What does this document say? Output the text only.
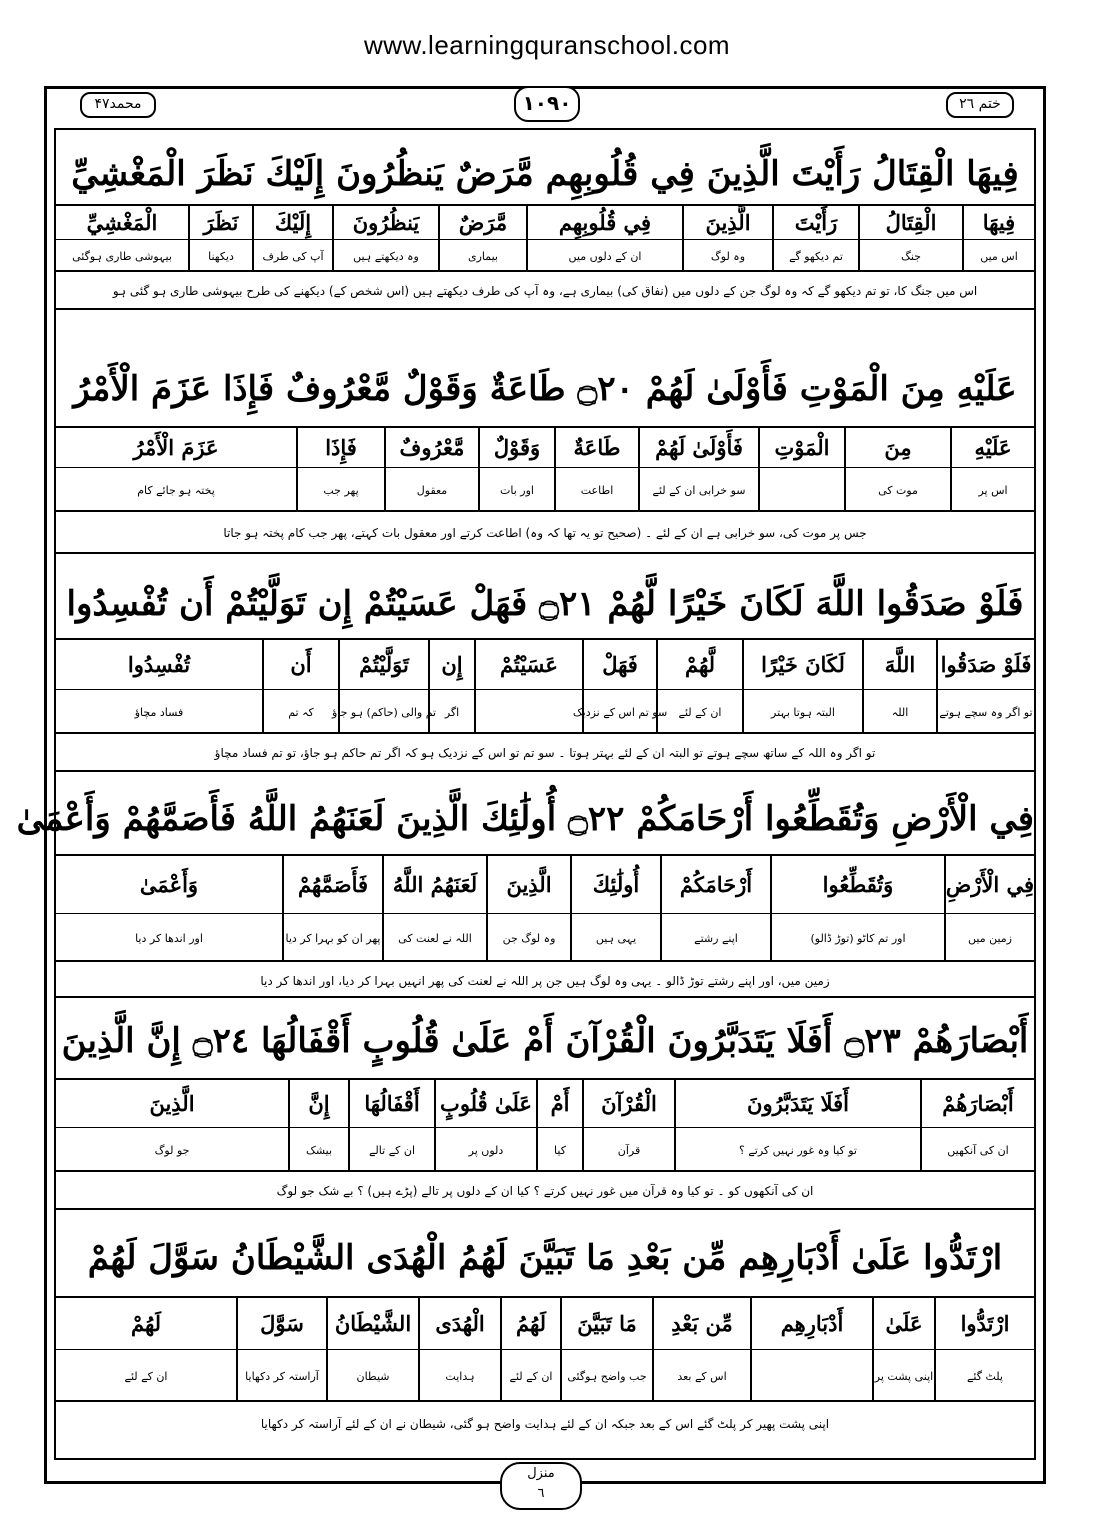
www.learningquranschool.com
محمد۴۷	ختم ۲٦
۱۰۹۰
فِيهَا الْقِتَالُ رَأَيْتَ الَّذِينَ فِي قُلُوبِهِم مَّرَضٌ يَنظُرُونَ إِلَيْكَ نَظَرَ الْمَغْشِيِّ
فِيهَا
الْقِتَالُ
رَأَيْتَ
الَّذِينَ
فِي قُلُوبِهِم
مَّرَضٌ
يَنظُرُونَ
إِلَيْكَ
نَظَرَ
الْمَغْشِيِّ
اس میں
جنگ
تم دیکھو گے
وہ لوگ
ان کے دلوں میں
بیماری
وہ دیکھتے ہیں
آپ کی طرف
دیکھنا
بیہوشی طاری ہوگئی
اس میں جنگ کا، تو تم دیکھو گے کہ وہ لوگ جن کے دلوں میں (نفاق کی) بیماری ہے، وہ آپ کی طرف دیکھتے ہیں (اس شخص کے) دیکھنے کی طرح بیہوشی طاری ہو گئی ہو
عَلَيْهِ مِنَ الْمَوْتِ فَأَوْلَىٰ لَهُمْ ۝٢٠ طَاعَةٌ وَقَوْلٌ مَّعْرُوفٌ فَإِذَا عَزَمَ الْأَمْرُ
عَلَيْهِ
مِنَ
الْمَوْتِ
فَأَوْلَىٰ لَهُمْ
طَاعَةٌ
وَقَوْلٌ
مَّعْرُوفٌ
فَإِذَا
عَزَمَ الْأَمْرُ
اس پر
موت کی
سو خرابی ان کے لئے
اطاعت
اور بات
معقول
پھر جب
پختہ ہو جائے کام
جس پر موت کی، سو خرابی ہے ان کے لئے ۔ (صحیح تو یہ تھا کہ وہ) اطاعت کرتے اور معقول بات کہتے، پھر جب کام پختہ ہو جاتا
فَلَوْ صَدَقُوا اللَّهَ لَكَانَ خَيْرًا لَّهُمْ ۝٢١ فَهَلْ عَسَيْتُمْ إِن تَوَلَّيْتُمْ أَن تُفْسِدُوا
فَلَوْ صَدَقُوا
اللَّهَ
لَكَانَ خَيْرًا
لَّهُمْ
فَهَلْ
عَسَيْتُمْ
إِن
تَوَلَّيْتُمْ
أَن
تُفْسِدُوا
تو اگر وہ سچے ہوتے
اللہ
البتہ ہوتا بہتر
ان کے لئے
سو تم اس کے نزدیک
اگر
تم والی (حاکم) ہو جاؤ
کہ تم
فساد مچاؤ
تو اگر وہ اللہ کے ساتھ سچے ہوتے تو البتہ ان کے لئے بہتر ہوتا ۔ سو تم تو اس کے نزدیک ہو کہ اگر تم حاکم ہو جاؤ، تو تم فساد مچاؤ
فِي الْأَرْضِ وَتُقَطِّعُوا أَرْحَامَكُمْ ۝٢٢ أُولَٰئِكَ الَّذِينَ لَعَنَهُمُ اللَّهُ فَأَصَمَّهُمْ وَأَعْمَىٰ
فِي الْأَرْضِ
وَتُقَطِّعُوا
أَرْحَامَكُمْ
أُولَٰئِكَ
الَّذِينَ
لَعَنَهُمُ اللَّهُ
فَأَصَمَّهُمْ
وَأَعْمَىٰ
زمین میں
اور تم کاٹو (توڑ ڈالو)
اپنے رشتے
یہی ہیں
وہ لوگ جن
اللہ نے لعنت کی
پھر ان کو بہرا کر دیا
اور اندھا کر دیا
زمین میں، اور اپنے رشتے توڑ ڈالو ۔ یہی وہ لوگ ہیں جن پر اللہ نے لعنت کی پھر انہیں بہرا کر دیا، اور اندھا کر دیا
أَبْصَارَهُمْ ۝٢٣ أَفَلَا يَتَدَبَّرُونَ الْقُرْآنَ أَمْ عَلَىٰ قُلُوبٍ أَقْفَالُهَا ۝٢٤ إِنَّ الَّذِينَ
أَبْصَارَهُمْ
أَفَلَا يَتَدَبَّرُونَ
الْقُرْآنَ
أَمْ
عَلَىٰ قُلُوبٍ
أَقْفَالُهَا
إِنَّ
الَّذِينَ
ان کی آنکھیں
تو کیا وہ غور نہیں کرتے ؟
قرآن
کیا
دلوں پر
ان کے تالے
بیشک
جو لوگ
ان کی آنکھوں کو ۔ تو کیا وہ قرآن میں غور نہیں کرتے ؟ کیا ان کے دلوں پر تالے (پڑے ہیں) ؟ بے شک جو لوگ
ارْتَدُّوا عَلَىٰ أَدْبَارِهِم مِّن بَعْدِ مَا تَبَيَّنَ لَهُمُ الْهُدَى الشَّيْطَانُ سَوَّلَ لَهُمْ
ارْتَدُّوا
عَلَىٰ
أَدْبَارِهِم
مِّن بَعْدِ
مَا تَبَيَّنَ
لَهُمُ
الْهُدَى
الشَّيْطَانُ
سَوَّلَ
لَهُمْ
پلٹ گئے
اپنی پشت پر
اس کے بعد
جب واضح ہوگئی
ان کے لئے
ہدایت
شیطان
آراستہ کر دکھایا
ان کے لئے
اپنی پشت پھیر کر پلٹ گئے اس کے بعد جبکہ ان کے لئے ہدایت واضح ہو گئی، شیطان نے ان کے لئے آراستہ کر دکھایا
منزل
٦
